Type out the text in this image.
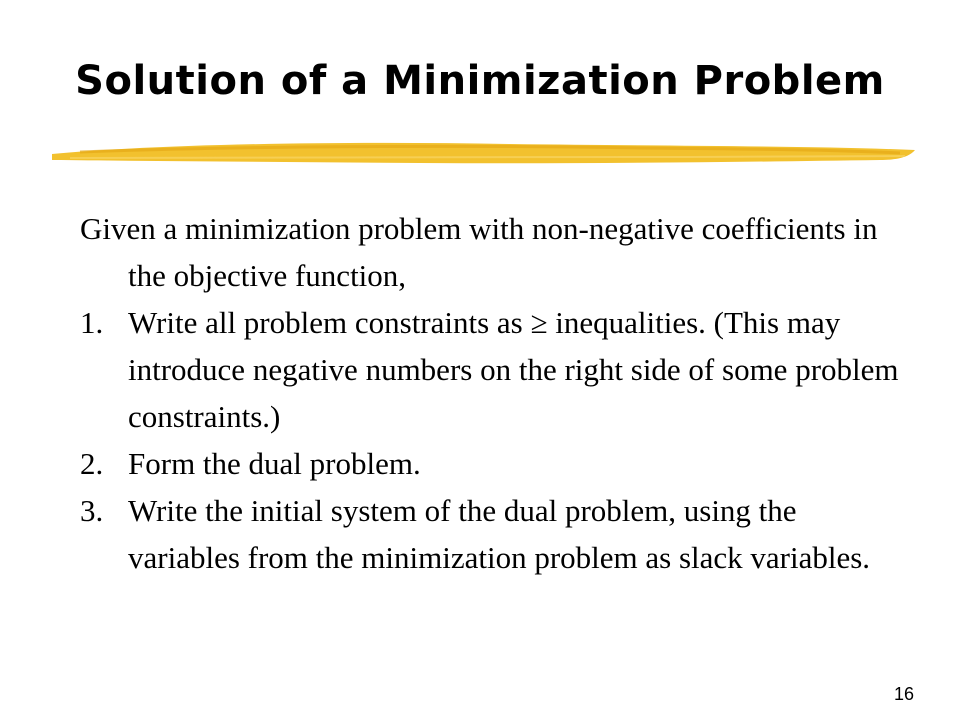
Solution of a Minimization Problem

Given a minimization problem with non-negative coefficients in the objective function,

1. Write all problem constraints as ≥ inequalities. (This may introduce negative numbers on the right side of some problem constraints.)
2. Form the dual problem.
3. Write the initial system of the dual problem, using the variables from the minimization problem as slack variables.
16
